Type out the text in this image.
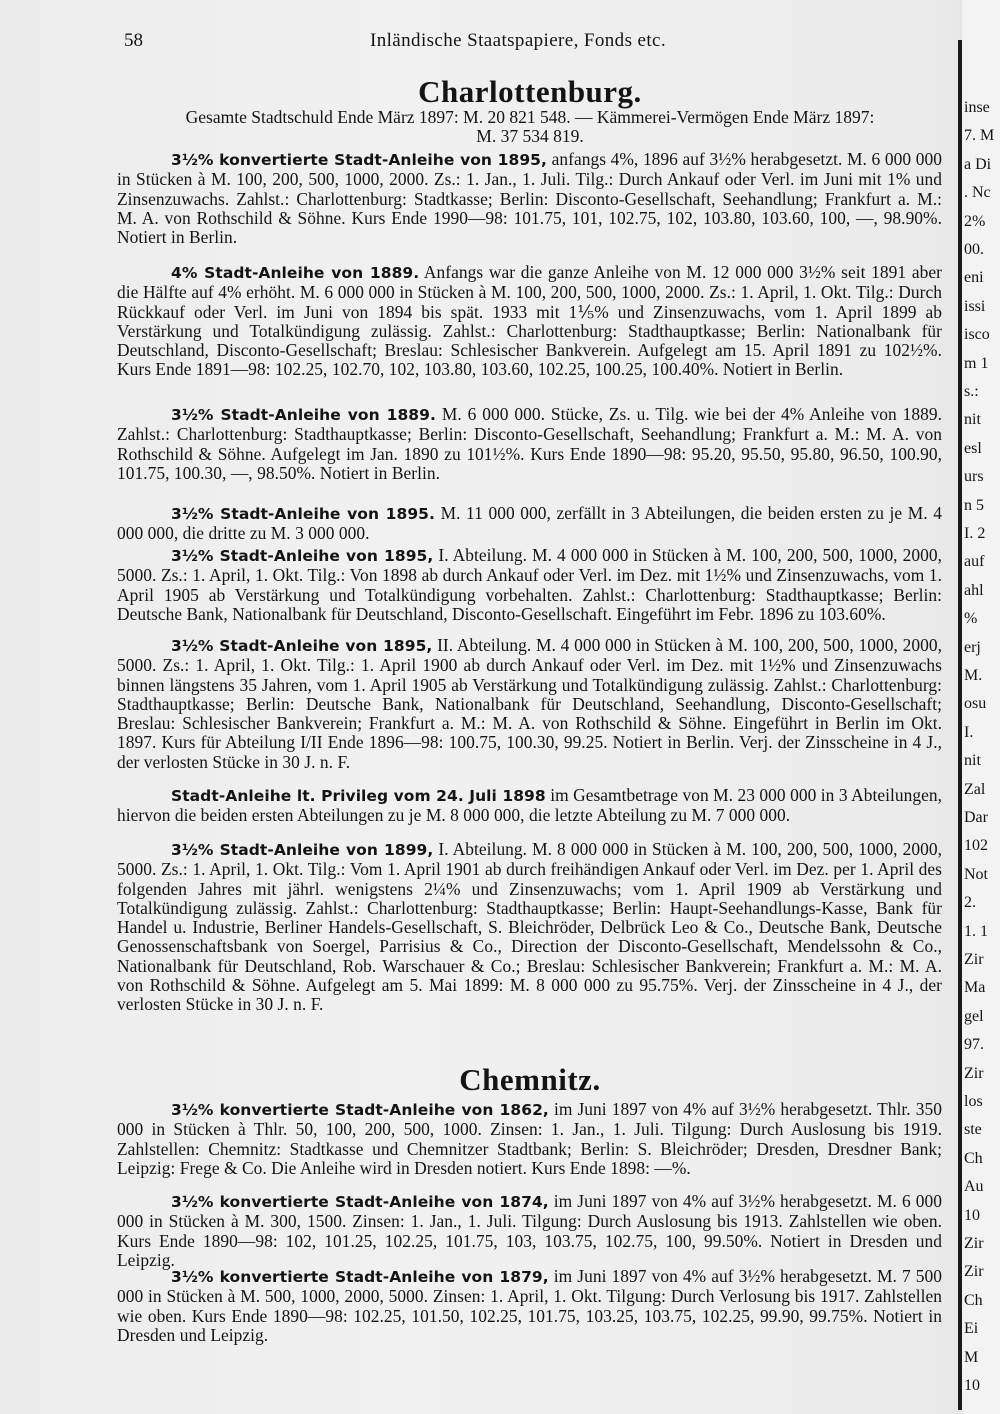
58	Inländische Staatspapiere, Fonds etc.
Charlottenburg.
Gesamte Stadtschuld Ende März 1897: M. 20 821 548. — Kämmerei-Vermögen Ende März 1897:
M. 37 534 819.
3½% konvertierte Stadt-Anleihe von 1895, anfangs 4%, 1896 auf 3½% herabgesetzt. M. 6 000 000 in Stücken à M. 100, 200, 500, 1000, 2000. Zs.: 1. Jan., 1. Juli. Tilg.: Durch Ankauf oder Verl. im Juni mit 1% und Zinsenzuwachs. Zahlst.: Charlottenburg: Stadtkasse; Berlin: Disconto-Gesellschaft, Seehandlung; Frankfurt a. M.: M. A. von Rothschild & Söhne. Kurs Ende 1990—98: 101.75, 101, 102.75, 102, 103.80, 103.60, 100, —, 98.90%. Notiert in Berlin.
4% Stadt-Anleihe von 1889. Anfangs war die ganze Anleihe von M. 12 000 000 3½% seit 1891 aber die Hälfte auf 4% erhöht. M. 6 000 000 in Stücken à M. 100, 200, 500, 1000, 2000. Zs.: 1. April, 1. Okt. Tilg.: Durch Rückkauf oder Verl. im Juni von 1894 bis spät. 1933 mit 1⅕% und Zinsenzuwachs, vom 1. April 1899 ab Verstärkung und Totalkündigung zulässig. Zahlst.: Charlottenburg: Stadthauptkasse; Berlin: Nationalbank für Deutschland, Disconto-Gesellschaft; Breslau: Schlesischer Bankverein. Aufgelegt am 15. April 1891 zu 102½%. Kurs Ende 1891—98: 102.25, 102.70, 102, 103.80, 103.60, 102.25, 100.25, 100.40%. Notiert in Berlin.
3½% Stadt-Anleihe von 1889. M. 6 000 000. Stücke, Zs. u. Tilg. wie bei der 4% Anleihe von 1889. Zahlst.: Charlottenburg: Stadthauptkasse; Berlin: Disconto-Gesellschaft, Seehandlung; Frankfurt a. M.: M. A. von Rothschild & Söhne. Aufgelegt im Jan. 1890 zu 101½%. Kurs Ende 1890—98: 95.20, 95.50, 95.80, 96.50, 100.90, 101.75, 100.30, —, 98.50%. Notiert in Berlin.
3½% Stadt-Anleihe von 1895. M. 11 000 000, zerfällt in 3 Abteilungen, die beiden ersten zu je M. 4 000 000, die dritte zu M. 3 000 000.
3½% Stadt-Anleihe von 1895, I. Abteilung. M. 4 000 000 in Stücken à M. 100, 200, 500, 1000, 2000, 5000. Zs.: 1. April, 1. Okt. Tilg.: Von 1898 ab durch Ankauf oder Verl. im Dez. mit 1½% und Zinsenzuwachs, vom 1. April 1905 ab Verstärkung und Totalkündigung vorbehalten. Zahlst.: Charlottenburg: Stadthauptkasse; Berlin: Deutsche Bank, Nationalbank für Deutschland, Disconto-Gesellschaft. Eingeführt im Febr. 1896 zu 103.60%.
3½% Stadt-Anleihe von 1895, II. Abteilung. M. 4 000 000 in Stücken à M. 100, 200, 500, 1000, 2000, 5000. Zs.: 1. April, 1. Okt. Tilg.: 1. April 1900 ab durch Ankauf oder Verl. im Dez. mit 1½% und Zinsenzuwachs binnen längstens 35 Jahren, vom 1. April 1905 ab Verstärkung und Totalkündigung zulässig. Zahlst.: Charlottenburg: Stadthauptkasse; Berlin: Deutsche Bank, Nationalbank für Deutschland, Seehandlung, Disconto-Gesellschaft; Breslau: Schlesischer Bankverein; Frankfurt a. M.: M. A. von Rothschild & Söhne. Eingeführt in Berlin im Okt. 1897. Kurs für Abteilung I/II Ende 1896—98: 100.75, 100.30, 99.25. Notiert in Berlin. Verj. der Zinsscheine in 4 J., der verlosten Stücke in 30 J. n. F.
Stadt-Anleihe lt. Privileg vom 24. Juli 1898 im Gesamtbetrage von M. 23 000 000 in 3 Abteilungen, hiervon die beiden ersten Abteilungen zu je M. 8 000 000, die letzte Abteilung zu M. 7 000 000.
3½% Stadt-Anleihe von 1899, I. Abteilung. M. 8 000 000 in Stücken à M. 100, 200, 500, 1000, 2000, 5000. Zs.: 1. April, 1. Okt. Tilg.: Vom 1. April 1901 ab durch freihändigen Ankauf oder Verl. im Dez. per 1. April des folgenden Jahres mit jährl. wenigstens 2¼% und Zinsenzuwachs; vom 1. April 1909 ab Verstärkung und Totalkündigung zulässig. Zahlst.: Charlottenburg: Stadthauptkasse; Berlin: Haupt-Seehandlungs-Kasse, Bank für Handel u. Industrie, Berliner Handels-Gesellschaft, S. Bleichröder, Delbrück Leo & Co., Deutsche Bank, Deutsche Genossenschaftsbank von Soergel, Parrisius & Co., Direction der Disconto-Gesellschaft, Mendelssohn & Co., Nationalbank für Deutschland, Rob. Warschauer & Co.; Breslau: Schlesischer Bankverein; Frankfurt a. M.: M. A. von Rothschild & Söhne. Aufgelegt am 5. Mai 1899: M. 8 000 000 zu 95.75%. Verj. der Zinsscheine in 4 J., der verlosten Stücke in 30 J. n. F.
Chemnitz.
3½% konvertierte Stadt-Anleihe von 1862, im Juni 1897 von 4% auf 3½% herabgesetzt. Thlr. 350 000 in Stücken à Thlr. 50, 100, 200, 500, 1000. Zinsen: 1. Jan., 1. Juli. Tilgung: Durch Auslosung bis 1919. Zahlstellen: Chemnitz: Stadtkasse und Chemnitzer Stadtbank; Berlin: S. Bleichröder; Dresden, Dresdner Bank; Leipzig: Frege & Co. Die Anleihe wird in Dresden notiert. Kurs Ende 1898: —%.
3½% konvertierte Stadt-Anleihe von 1874, im Juni 1897 von 4% auf 3½% herabgesetzt. M. 6 000 000 in Stücken à M. 300, 1500. Zinsen: 1. Jan., 1. Juli. Tilgung: Durch Auslosung bis 1913. Zahlstellen wie oben. Kurs Ende 1890—98: 102, 101.25, 102.25, 101.75, 103, 103.75, 102.75, 100, 99.50%. Notiert in Dresden und Leipzig.
3½% konvertierte Stadt-Anleihe von 1879, im Juni 1897 von 4% auf 3½% herabgesetzt. M. 7 500 000 in Stücken à M. 500, 1000, 2000, 5000. Zinsen: 1. April, 1. Okt. Tilgung: Durch Verlosung bis 1917. Zahlstellen wie oben. Kurs Ende 1890—98: 102.25, 101.50, 102.25, 101.75, 103.25, 103.75, 102.25, 99.90, 99.75%. Notiert in Dresden und Leipzig.
inse
7. M
a Di
. Nc
2%
00.
eni
issi
isco
m 1
s.:
nit
esl
urs
n 5
I. 2
auf
ahl
%
erj
M.
osu
I.
nit
Zal
Dar
102
Not
2.
1. 1
Zir
Ma
gel
97.
Zir
los
ste
Ch
Au
10
Zir
Zir
Ch
Ei
M
10
